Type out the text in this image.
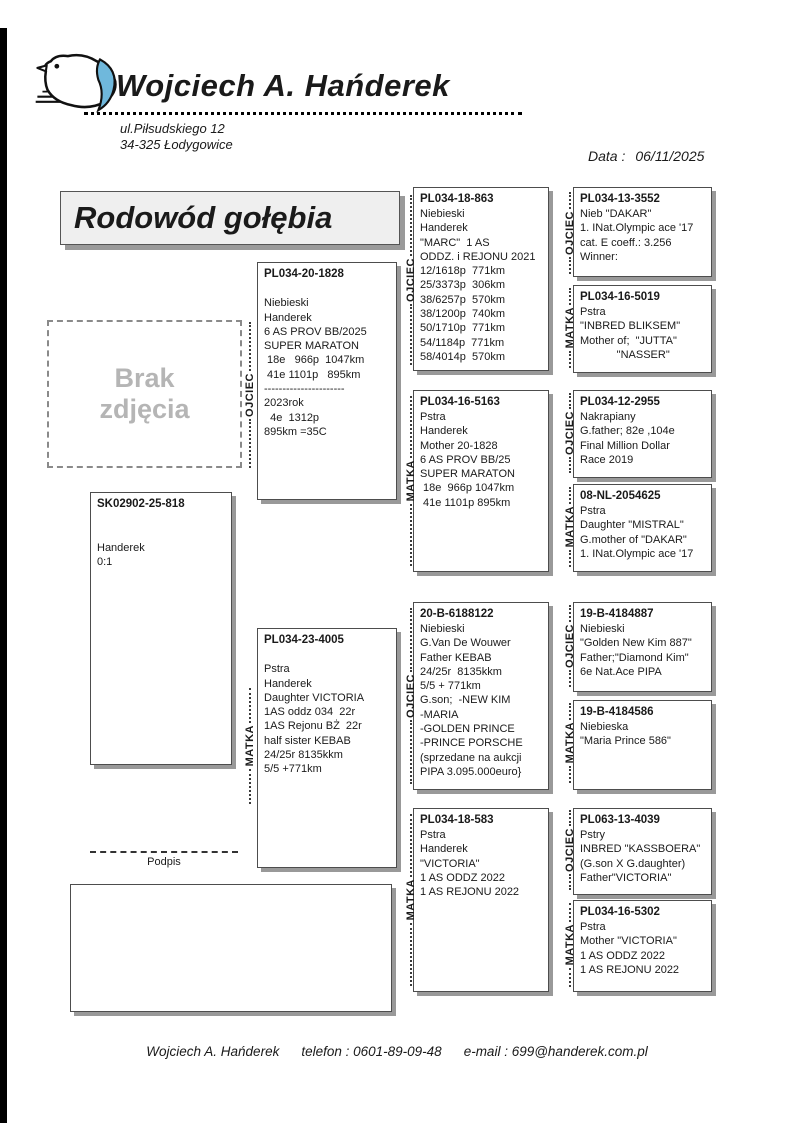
Wojciech A. Hańderek
ul.Piłsudskiego 12
34-325 Łodygowice
Data : 06/11/2025
Rodowód gołębia
Brak
zdjęcia
SK02902-25-818

Handerek
0:1
PL034-20-1828

Niebieski
Handerek
6 AS PROV BB/2025
SUPER MARATON
18e   966p  1047km
41e 1101p   895km
----------------------
2023rok
4e  1312p
895km =35C
PL034-23-4005

Pstra
Handerek
Daughter VICTORIA
1AS oddz 034  22r
1AS Rejonu BŻ  22r
half sister KEBAB
24/25r 8135kkm
5/5 +771km
PL034-18-863
Niebieski
Handerek
"MARC"  1 AS
ODDZ. i REJONU 2021
12/1618p  771km
25/3373p  306km
38/6257p  570km
38/1200p  740km
50/1710p  771km
54/1184p  771km
58/4014p  570km
PL034-16-5163
Pstra
Handerek
Mother 20-1828
6 AS PROV BB/25
SUPER MARATON
18e  966p 1047km
41e 1101p 895km
20-B-6188122
Niebieski
G.Van De Wouwer
Father KEBAB
24/25r  8135kkm
5/5 + 771km
G.son;  -NEW KIM
-MARIA
-GOLDEN PRINCE
-PRINCE PORSCHE
(sprzedane na aukcji
PIPA 3.095.000euro}
PL034-18-583
Pstra
Handerek
"VICTORIA"
1 AS ODDZ 2022
1 AS REJONU 2022
PL034-13-3552
Nieb "DAKAR"
1. INat.Olympic ace '17
cat. E coeff.: 3.256
Winner:
PL034-16-5019
Pstra
"INBRED BLIKSEM"
Mother of;  "JUTTA"
"NASSER"
PL034-12-2955
Nakrapiany
G.father; 82e ,104e
Final Million Dollar
Race 2019
08-NL-2054625
Pstra
Daughter "MISTRAL"
G.mother of "DAKAR"
1. INat.Olympic ace '17
19-B-4184887
Niebieski
"Golden New Kim 887"
Father;"Diamond Kim"
6e Nat.Ace PIPA
19-B-4184586
Niebieska
"Maria Prince 586"
PL063-13-4039
Pstry
INBRED "KASSBOERA"
(G.son X G.daughter)
Father"VICTORIA"
PL034-16-5302
Pstra
Mother "VICTORIA"
1 AS ODDZ 2022
1 AS REJONU 2022
OJCIEC
MATKA
OJCIEC
MATKA
OJCIEC
MATKA
OJCIEC
MATKA
OJCIEC
MATKA
OJCIEC
MATKA
OJCIEC
MATKA
Podpis
Wojciech A. Hańderek telefon : 0601-89-09-48 e-mail : 699@handerek.com.pl
